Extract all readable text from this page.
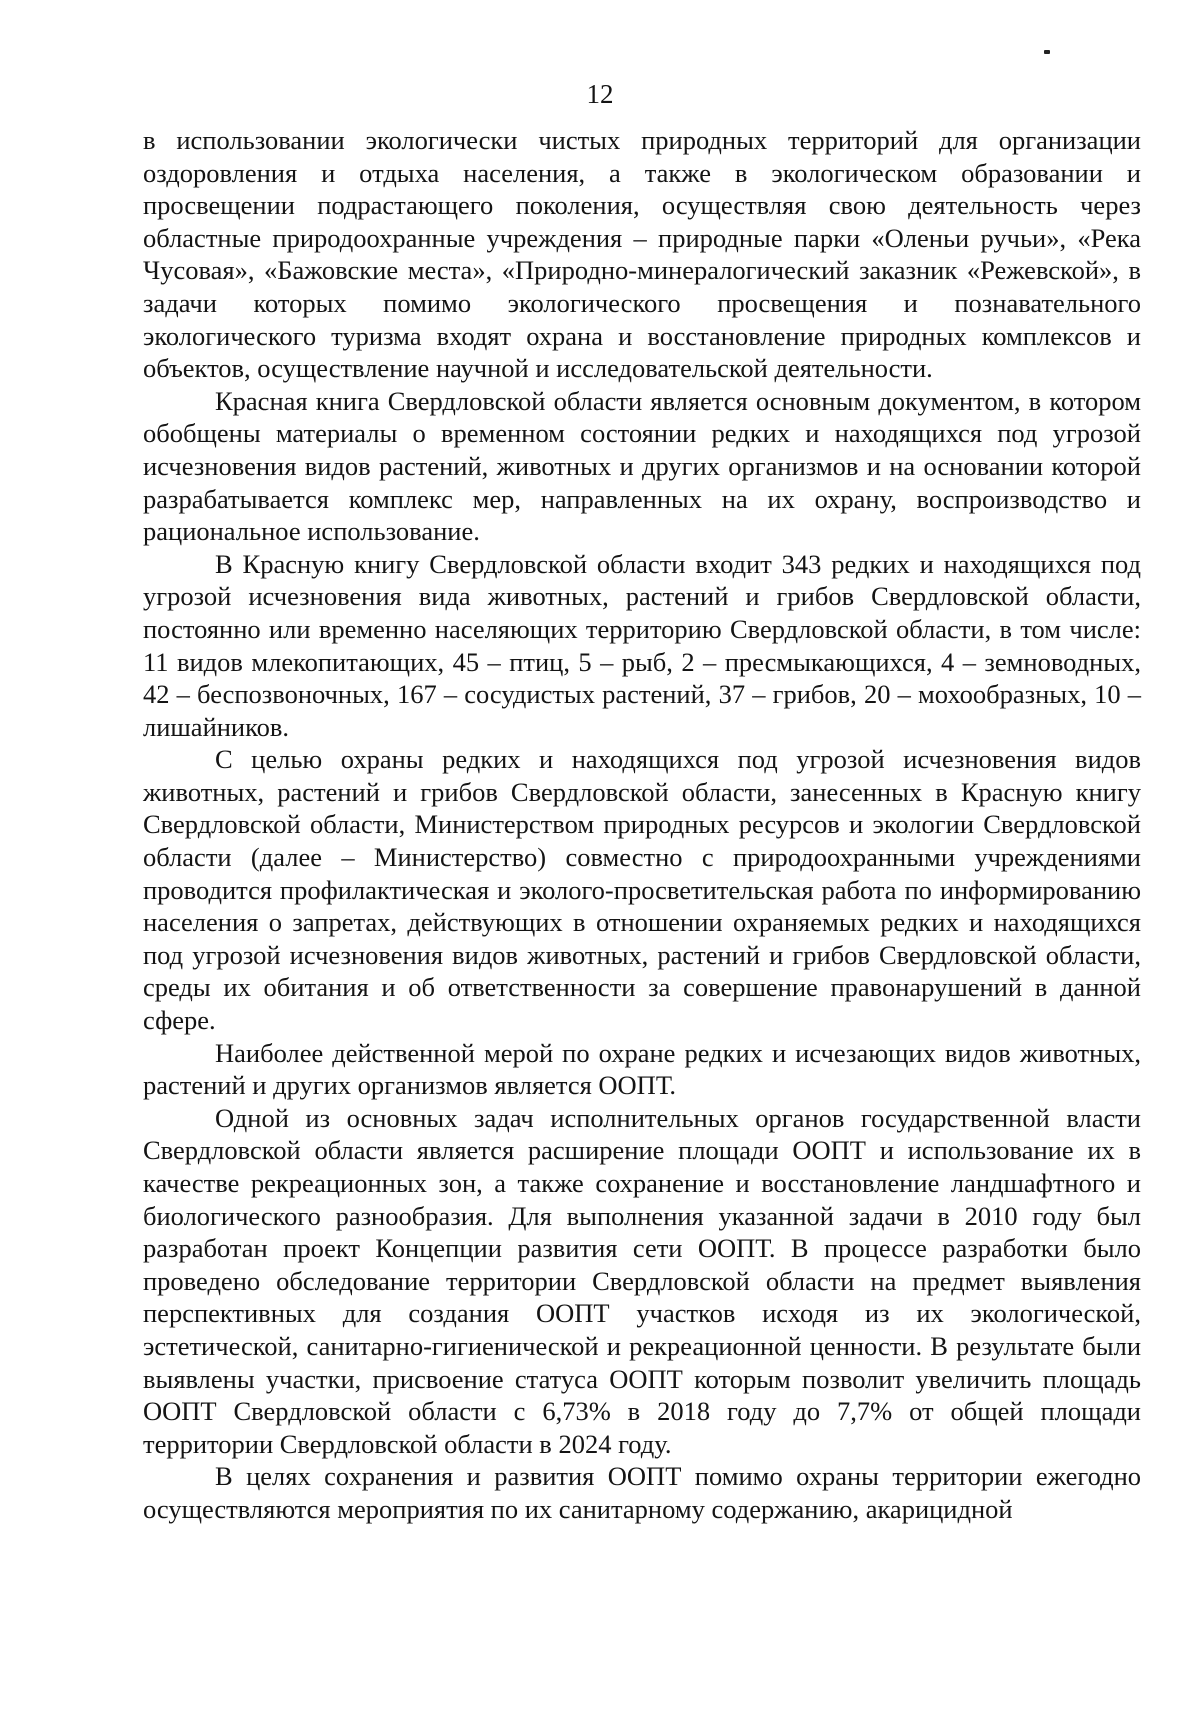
12

в использовании экологически чистых природных территорий для организации оздоровления и отдыха населения, а также в экологическом образовании и просвещении подрастающего поколения, осуществляя свою деятельность через областные природоохранные учреждения – природные парки «Оленьи ручьи», «Река Чусовая», «Бажовские места», «Природно-минералогический заказник «Режевской», в задачи которых помимо экологического просвещения и познавательного экологического туризма входят охрана и восстановление природных комплексов и объектов, осуществление научной и исследовательской деятельности.

Красная книга Свердловской области является основным документом, в котором обобщены материалы о временном состоянии редких и находящихся под угрозой исчезновения видов растений, животных и других организмов и на основании которой разрабатывается комплекс мер, направленных на их охрану, воспроизводство и рациональное использование.

В Красную книгу Свердловской области входит 343 редких и находящихся под угрозой исчезновения вида животных, растений и грибов Свердловской области, постоянно или временно населяющих территорию Свердловской области, в том числе: 11 видов млекопитающих, 45 – птиц, 5 – рыб, 2 – пресмыкающихся, 4 – земноводных, 42 – беспозвоночных, 167 – сосудистых растений, 37 – грибов, 20 – мохообразных, 10 – лишайников.

С целью охраны редких и находящихся под угрозой исчезновения видов животных, растений и грибов Свердловской области, занесенных в Красную книгу Свердловской области, Министерством природных ресурсов и экологии Свердловской области (далее – Министерство) совместно с природоохранными учреждениями проводится профилактическая и эколого-просветительская работа по информированию населения о запретах, действующих в отношении охраняемых редких и находящихся под угрозой исчезновения видов животных, растений и грибов Свердловской области, среды их обитания и об ответственности за совершение правонарушений в данной сфере.

Наиболее действенной мерой по охране редких и исчезающих видов животных, растений и других организмов является ООПТ.

Одной из основных задач исполнительных органов государственной власти Свердловской области является расширение площади ООПТ и использование их в качестве рекреационных зон, а также сохранение и восстановление ландшафтного и биологического разнообразия. Для выполнения указанной задачи в 2010 году был разработан проект Концепции развития сети ООПТ. В процессе разработки было проведено обследование территории Свердловской области на предмет выявления перспективных для создания ООПТ участков исходя из их экологической, эстетической, санитарно-гигиенической и рекреационной ценности. В результате были выявлены участки, присвоение статуса ООПТ которым позволит увеличить площадь ООПТ Свердловской области с 6,73% в 2018 году до 7,7% от общей площади территории Свердловской области в 2024 году.

В целях сохранения и развития ООПТ помимо охраны территории ежегодно осуществляются мероприятия по их санитарному содержанию, акарицидной
